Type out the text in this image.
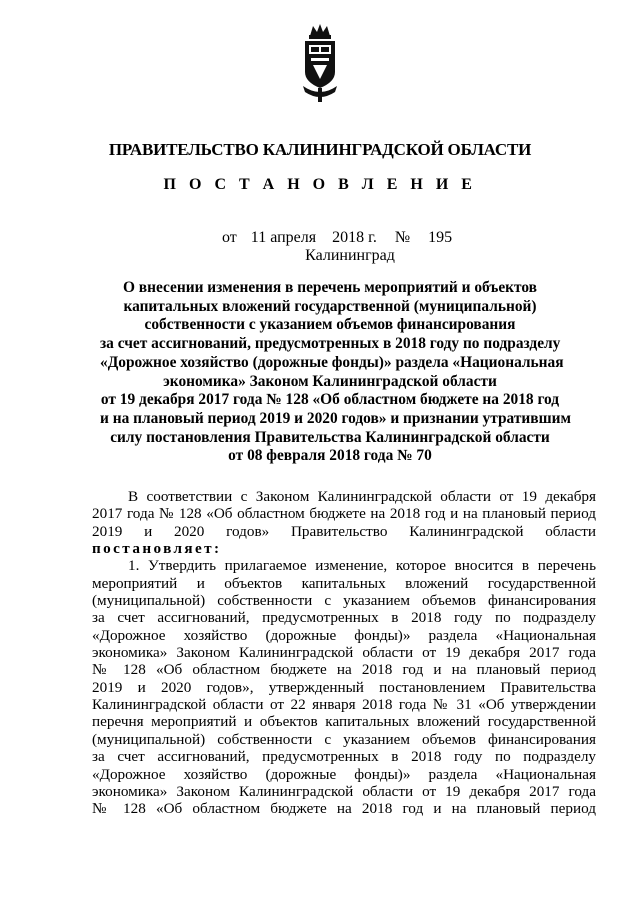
ПРАВИТЕЛЬСТВО КАЛИНИНГРАДСКОЙ ОБЛАСТИ
П О С Т А Н О В Л Е Н И Е
от 11 апреля 2018 г. № 195
Калининград
О внесении изменения в перечень мероприятий и объектов
капитальных вложений государственной (муниципальной)
собственности с указанием объемов финансирования
за счет ассигнований, предусмотренных в 2018 году по подразделу
«Дорожное хозяйство (дорожные фонды)» раздела «Национальная
экономика» Законом Калининградской области
от 19 декабря 2017 года № 128 «Об областном бюджете на 2018 год
и на плановый период 2019 и 2020 годов» и признании утратившим
силу постановления Правительства Калининградской области
от 08 февраля 2018 года № 70
В соответствии с Законом Калининградской области от 19 декабря
2017 года № 128 «Об областном бюджете на 2018 год и на плановый период
2019 и 2020 годов» Правительство Калининградской области
постановляет:
1. Утвердить прилагаемое изменение, которое вносится в перечень
мероприятий и объектов капитальных вложений государственной
(муниципальной) собственности с указанием объемов финансирования
за счет ассигнований, предусмотренных в 2018 году по подразделу
«Дорожное хозяйство (дорожные фонды)» раздела «Национальная
экономика» Законом Калининградской области от 19 декабря 2017 года
№ 128 «Об областном бюджете на 2018 год и на плановый период
2019 и 2020 годов», утвержденный постановлением Правительства
Калининградской области от 22 января 2018 года № 31 «Об утверждении
перечня мероприятий и объектов капитальных вложений государственной
(муниципальной) собственности с указанием объемов финансирования
за счет ассигнований, предусмотренных в 2018 году по подразделу
«Дорожное хозяйство (дорожные фонды)» раздела «Национальная
экономика» Законом Калининградской области от 19 декабря 2017 года
№ 128 «Об областном бюджете на 2018 год и на плановый период
